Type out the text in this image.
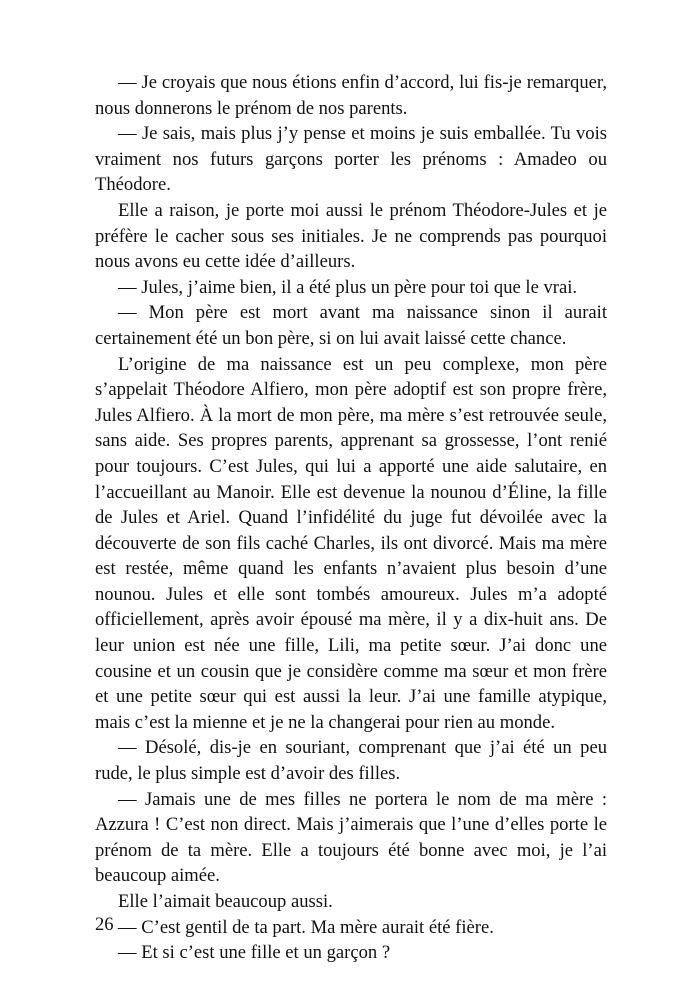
— Je croyais que nous étions enfin d’accord, lui fis-je remarquer, nous donnerons le prénom de nos parents.

— Je sais, mais plus j’y pense et moins je suis emballée. Tu vois vraiment nos futurs garçons porter les prénoms : Amadeo ou Théodore.

Elle a raison, je porte moi aussi le prénom Théodore-Jules et je préfère le cacher sous ses initiales. Je ne comprends pas pourquoi nous avons eu cette idée d’ailleurs.

— Jules, j’aime bien, il a été plus un père pour toi que le vrai.

— Mon père est mort avant ma naissance sinon il aurait certainement été un bon père, si on lui avait laissé cette chance.

L’origine de ma naissance est un peu complexe, mon père s’appelait Théodore Alfiero, mon père adoptif est son propre frère, Jules Alfiero. À la mort de mon père, ma mère s’est retrouvée seule, sans aide. Ses propres parents, apprenant sa grossesse, l’ont renié pour toujours. C’est Jules, qui lui a apporté une aide salutaire, en l’accueillant au Manoir. Elle est devenue la nounou d’Éline, la fille de Jules et Ariel. Quand l’infidélité du juge fut dévoilée avec la découverte de son fils caché Charles, ils ont divorcé. Mais ma mère est restée, même quand les enfants n’avaient plus besoin d’une nounou. Jules et elle sont tombés amoureux. Jules m’a adopté officiellement, après avoir épousé ma mère, il y a dix-huit ans. De leur union est née une fille, Lili, ma petite sœur. J’ai donc une cousine et un cousin que je considère comme ma sœur et mon frère et une petite sœur qui est aussi la leur. J’ai une famille atypique, mais c’est la mienne et je ne la changerai pour rien au monde.

— Désolé, dis-je en souriant, comprenant que j’ai été un peu rude, le plus simple est d’avoir des filles.

— Jamais une de mes filles ne portera le nom de ma mère : Azzura ! C’est non direct. Mais j’aimerais que l’une d’elles porte le prénom de ta mère. Elle a toujours été bonne avec moi, je l’ai beaucoup aimée.

Elle l’aimait beaucoup aussi.

— C’est gentil de ta part. Ma mère aurait été fière.

— Et si c’est une fille et un garçon ?

26
